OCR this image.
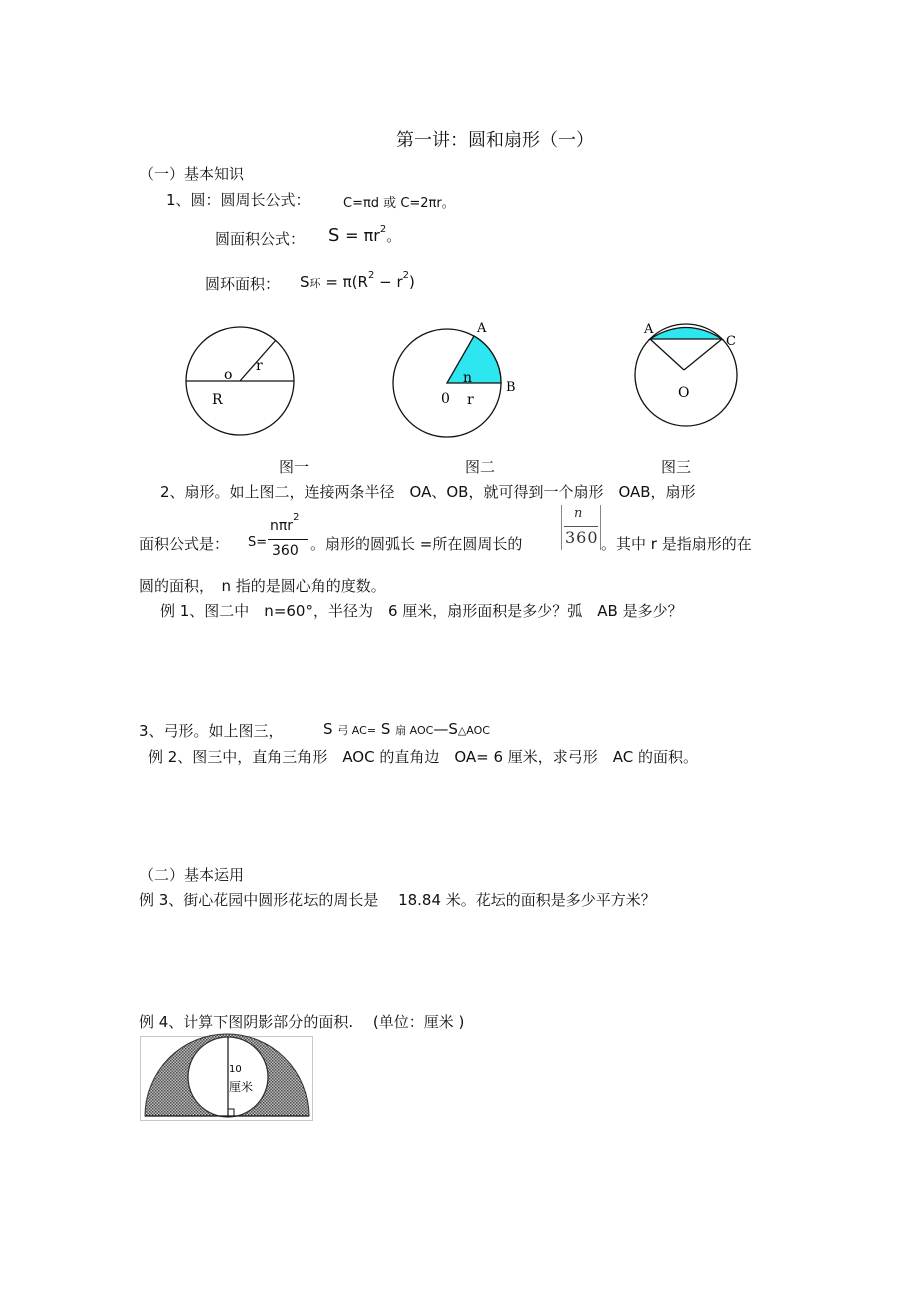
第一讲：圆和扇形（一）
（一）基本知识
1、圆：圆周长公式： C=πd 或 C=2πr。
圆面积公式： $S = \pi r^2$。
圆环面积： S环 = $\pi(R^2 - r^2)$
o
r
R
图一
A
B
n
0 r
图二
A
C
O
图三
2、扇形。如上图二，连接两条半径　OA、OB，就可得到一个扇形　OAB，扇形
面积公式是： S=
nπr$^2$
360 。扇形的圆弧长 =所在圆周长的
n
360 。其中 r 是指扇形的在
圆的面积，　n 指的是圆心角的度数。
例 1、图二中　n=60°，半径为　6 厘米，扇形面积是多少？弧　AB 是多少？
3、弓形。如上图三，	S 弓 AC= S 扇 AOC—S△AOC
例 2、图三中，直角三角形　AOC 的直角边　OA= 6 厘米，求弓形　AC 的面积。
（二）基本运用
例 3、街心花园中圆形花坛的周长是　 18.84 米。花坛的面积是多少平方米？
例 4、计算下图阴影部分的面积.　 (单位：厘米 )
10
厘米
